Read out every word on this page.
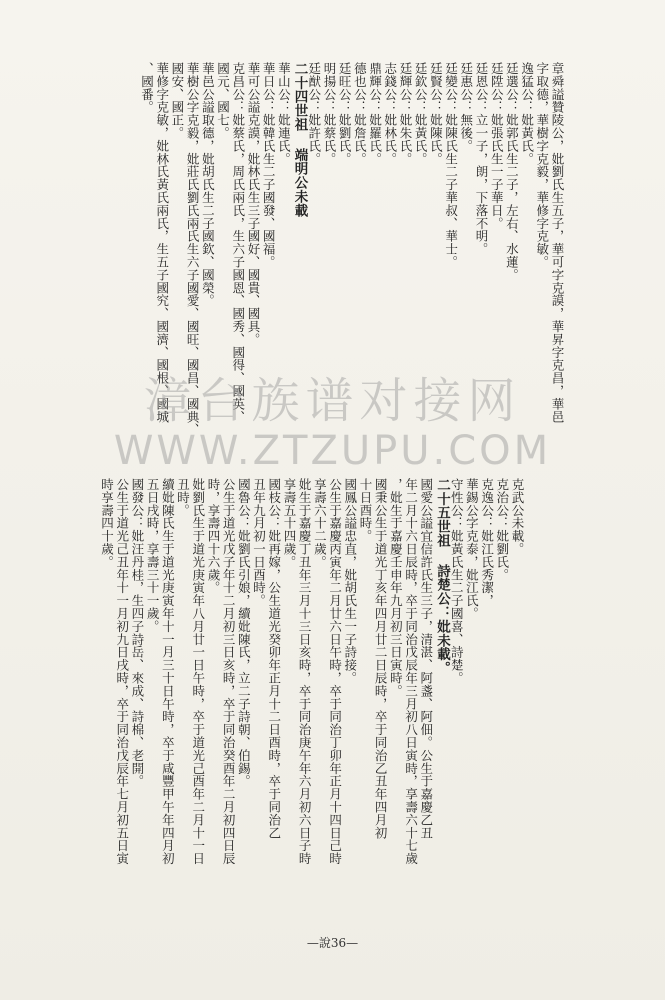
章舜謚贊陵公，妣劉氏生五子，華可字克謨，華昇字克昌，華邑
字取德，華樹字克毅，華修字克敏。
逸猛公：妣黃氏。
廷選公：妣郭氏生二子，左右、水蓮。
廷陞公：妣張氏生一子華日。
廷恩公：立一子，朗，下落不明。
廷惠公：無後。
廷變公：妣陳氏生二子華叔、華士。
廷賢公：妣陳氏。
廷欽公：妣黃氏。
廷輝公：妣朱氏。
志錢公：妣林氏。
鼎輝公：妣羅氏。
德也公：妣詹氏。
廷旺公：妣劉氏。
明揚公：妣蔡氏。
廷猷公：妣許氏。
二十四世祖 端明公未載
華山公：妣連氏。
華日公：妣韓氏生二子國發、國福。
華可公謚克謨，妣林氏生三子國好、國貴、國具。
克昌公：妣蔡氏，周氏兩氏，生六子國恩、國秀、國得、國英、
國元、國七。
華邑公謚取德，妣胡氏生二子國欽、國榮。
華樹公字克毅，妣莊氏劉氏兩氏生六子國愛、國旺、國昌、國典、
國安、國正。
華修字克敏，妣林氏黃氏兩氏，生五子國究、國濟、國根、國城
、國番。
克武公未載。
克治公：妣劉氏。
克逸公：妣江氏秀潔，
華錫公字克泰，妣江氏。
守性公：妣黃氏生二子國喜、詩楚。
二十五世祖 詩楚公：妣未載。
國愛公謚宜信許氏生三子，清湛、阿盞、阿佃。公生于嘉慶乙丑
年二月十六日辰時，卒于同治戊辰年三月初八日寅時，享壽六十七歲
，妣生于嘉慶壬申年九月初三日寅時。
國秉公生于道光丁亥年四月廿二日辰時，卒于同治乙丑年四月初
十日酉時。
國鳳公謚忠直，妣胡氏生一子詩接。
公生于嘉慶丙寅年二月廿六日午時，卒于同治丁卯年正月十四日己時
享壽六十二歲。
妣生于嘉慶丁丑年三月十三日亥時，卒于同治庚午年六月初六日子時
享壽五十四歲。
國枝公：妣再嫁，公生道光癸卯年正月十二日酉時，卒于同治乙
丑年九月初一日酉時。
國魯公：妣劉氏引娘，續妣陳氏，立二子詩朝、伯錫。
公生于道光戊子年十二月初三日亥時，卒于同治癸酉年二月初四日辰
時，享壽四十六歲。
妣劉氏生于道光庚寅年八月廿一日午時，卒于道光己酉年二月十一日
丑時。
續妣陳氏生于道光庚寅年十一月三十日午時，卒于咸豐甲午年四月初
五日戌時，享壽三十一歲。
國發公：妣汪丹桂，生四子詩岳、來成、詩棉、老開。
公生于道光己丑年十一月初九日戌時，卒于同治戊辰年七月初五日寅
時享壽四十歲。
漳台族谱对接网
WWW.ZTZUPU.COM
—說36—
